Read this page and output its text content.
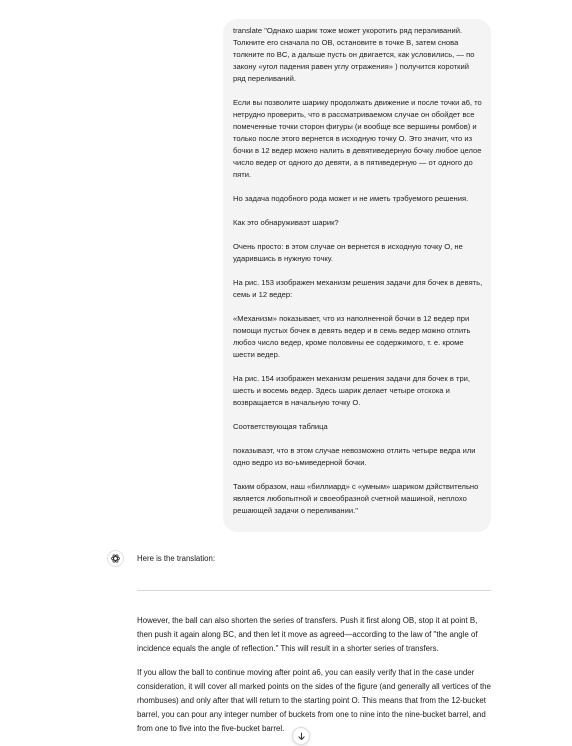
translate "Однако шарик тоже может укоротить ряд перэливаний. Толкните его сначала по OB, остановите в точке B, затем снова толкните по BC, а дальше пусть он двигается, как условились, — по закону «угол падения равен углу отражения» ) получится короткий ряд переливаний.

Если вы позволите шарику продолжать движение и после точки а6, то нетрудно проверить, что в рассматриваемом случае он обойдет все помеченные точки сторон фигуры (и вообще все вершины ромбов) и только после этого вернется в исходную точку O. Это значит, что из бочки в 12 ведер можно налить в девятиведерную бочку любое целое число ведер от одного до девяти, а в пятиведерную — от одного до пяти.

Но задача подобного рода может и не иметь трэбуемого решения.

Как это обнаруживаэт шарик?

Очень просто: в этом случае он вернется в исходную точку O, не ударившись в нужную точку.

На рис. 153 изображен механизм решения задачи для бочек в девять, семь и 12 ведер:

«Механизм» показывает, что из наполненной бочки в 12 ведер при помощи пустых бочек в девять ведер и в семь ведер можно отлить любоэ число ведер, кроме половины ее содержимого, т. е. кроме шести ведер.

На рис. 154 изображен механизм решения задачи для бочек в три, шесть и восемь ведер. Здесь шарик делает четыре отскока и возвращается в начальную точку O.

Соответствующая таблица

показываэт, что в этом случае невозможно отлить четыре ведра или одно ведро из во-ьмиведерной бочки.

Таким образом, наш «биллиард» с «умным» шариком дэйствительно является любопытной и своеобразной счетной машиной, неплохо решающей задачи о переливании."

Here is the translation:

However, the ball can also shorten the series of transfers. Push it first along OB, stop it at point B, then push it again along BC, and then let it move as agreed—according to the law of "the angle of incidence equals the angle of reflection." This will result in a shorter series of transfers.

If you allow the ball to continue moving after point a6, you can easily verify that in the case under consideration, it will cover all marked points on the sides of the figure (and generally all vertices of the rhombuses) and only after that will return to the starting point O. This means that from the 12-bucket barrel, you can pour any integer number of buckets from one to nine into the nine-bucket barrel, and from one to five into the five-bucket barrel.
